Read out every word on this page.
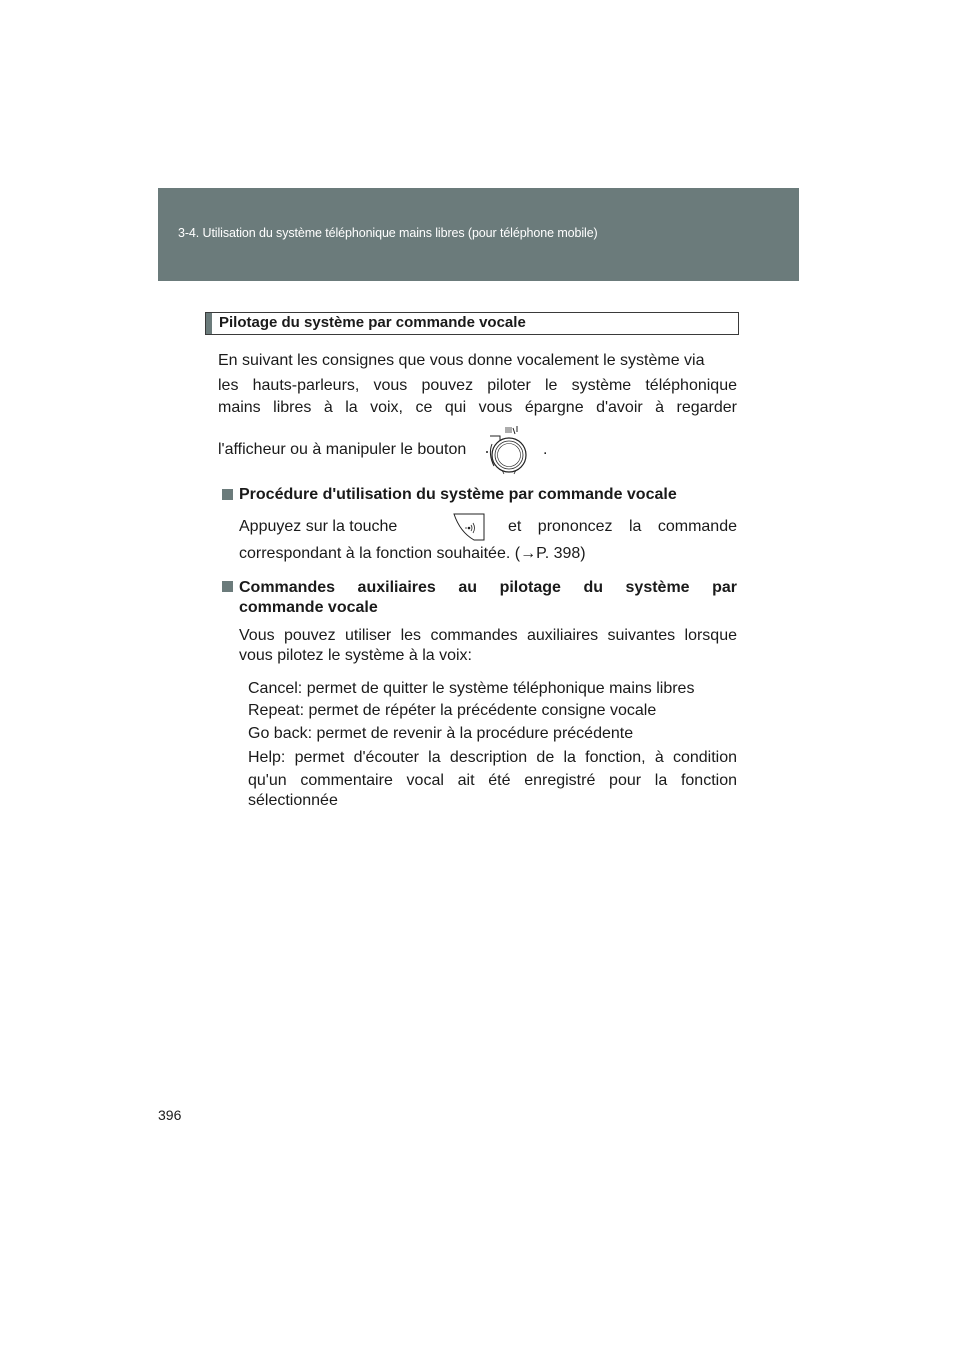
3-4. Utilisation du système téléphonique mains libres (pour téléphone mobile)
Pilotage du système par commande vocale
En suivant les consignes que vous donne vocalement le système via
les hauts-parleurs, vous pouvez piloter le système téléphonique
mains libres à la voix, ce qui vous épargne d'avoir à regarder
l'afficheur ou à manipuler le bouton	.
Procédure d'utilisation du système par commande vocale
Appuyez sur la touche	et prononcez la commande
correspondant à la fonction souhaitée. (→P. 398)
Commandes auxiliaires au pilotage du système par
commande vocale
Vous pouvez utiliser les commandes auxiliaires suivantes lorsque
vous pilotez le système à la voix:
Cancel: permet de quitter le système téléphonique mains libres
Repeat: permet de répéter la précédente consigne vocale
Go back: permet de revenir à la procédure précédente
Help: permet d'écouter la description de la fonction, à condition
qu'un commentaire vocal ait été enregistré pour la fonction
sélectionnée
396
